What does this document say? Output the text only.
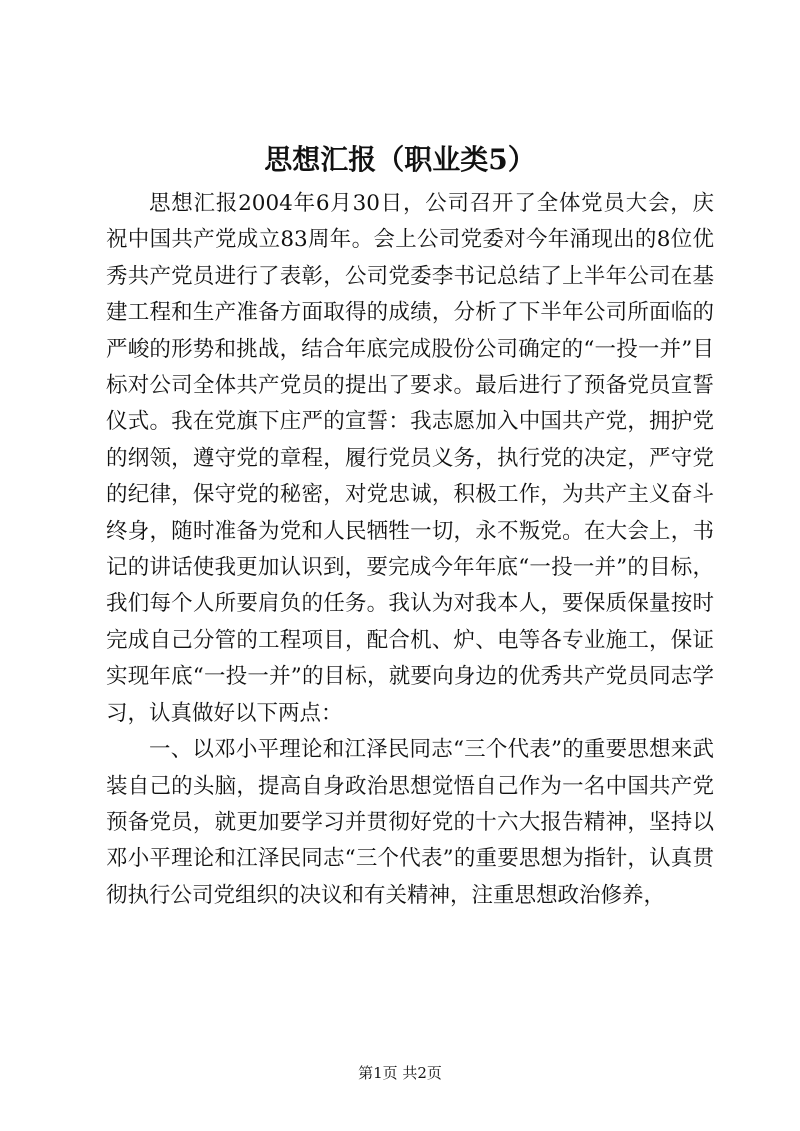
思想汇报（职业类5）

思想汇报2004年6月30日，公司召开了全体党员大会，庆祝中国共产党成立83周年。会上公司党委对今年涌现出的8位优秀共产党员进行了表彰，公司党委李书记总结了上半年公司在基建工程和生产准备方面取得的成绩，分析了下半年公司所面临的严峻的形势和挑战，结合年底完成股份公司确定的“一投一并”目标对公司全体共产党员的提出了要求。最后进行了预备党员宣誓仪式。我在党旗下庄严的宣誓：我志愿加入中国共产党，拥护党的纲领，遵守党的章程，履行党员义务，执行党的决定，严守党的纪律，保守党的秘密，对党忠诚，积极工作，为共产主义奋斗终身，随时准备为党和人民牺牲一切，永不叛党。在大会上，书记的讲话使我更加认识到，要完成今年年底“一投一并”的目标，我们每个人所要肩负的任务。我认为对我本人，要保质保量按时完成自己分管的工程项目，配合机、炉、电等各专业施工，保证实现年底“一投一并”的目标，就要向身边的优秀共产党员同志学习，认真做好以下两点：

一、以邓小平理论和江泽民同志“三个代表”的重要思想来武装自己的头脑，提高自身政治思想觉悟自己作为一名中国共产党预备党员，就更加要学习并贯彻好党的十六大报告精神，坚持以邓小平理论和江泽民同志“三个代表”的重要思想为指针，认真贯彻执行公司党组织的决议和有关精神，注重思想政治修养，

第1页 共2页
